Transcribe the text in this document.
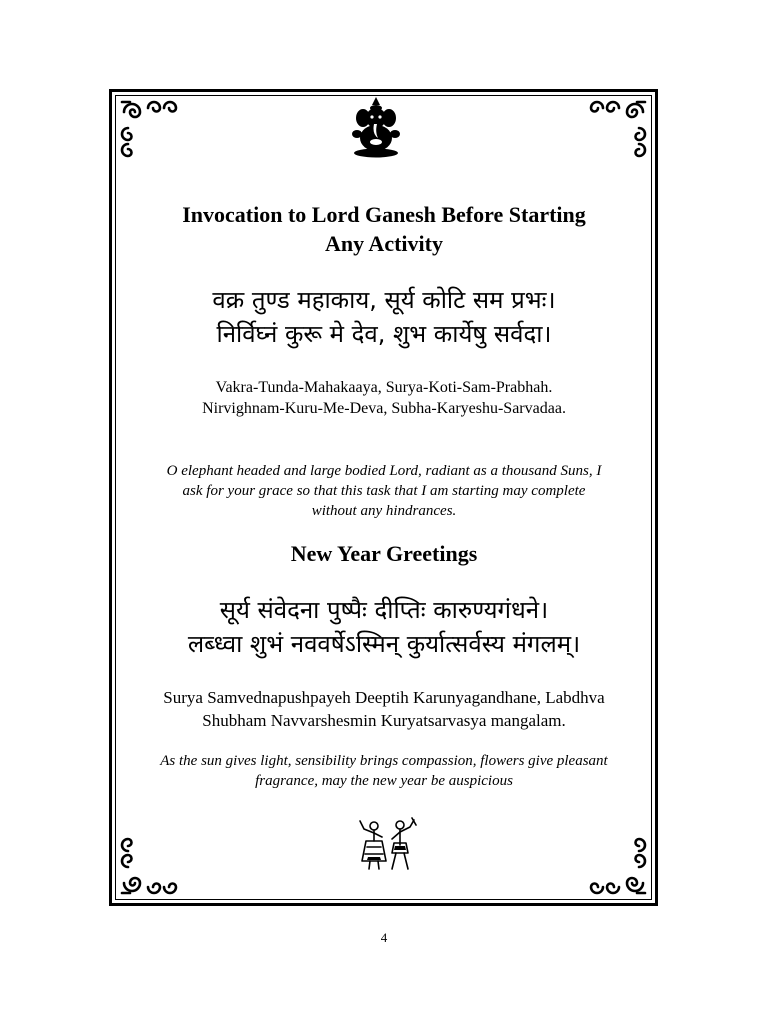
Invocation to Lord Ganesh Before Starting
Any Activity
वक्र तुण्ड महाकाय, सूर्य कोटि सम प्रभः।
निर्विघ्नं कुरू मे देव, शुभ कार्येषु सर्वदा।
Vakra-Tunda-Mahakaaya, Surya-Koti-Sam-Prabhah.
Nirvighnam-Kuru-Me-Deva, Subha-Karyeshu-Sarvadaa.
O elephant headed and large bodied Lord, radiant as a thousand Suns, I
ask for your grace so that this task that I am starting may complete
without any hindrances.
New Year Greetings
सूर्य संवेदना पुष्पैः दीप्तिः कारुण्यगंधने।
लब्ध्वा शुभं नववर्षेऽस्मिन् कुर्यात्सर्वस्य मंगलम्।
Surya Samvednapushpayeh Deeptih Karunyagandhane, Labdhva
Shubham Navvarshesmin Kuryatsarvasya mangalam.
As the sun gives light, sensibility brings compassion, flowers give pleasant
fragrance, may the new year be auspicious
4
